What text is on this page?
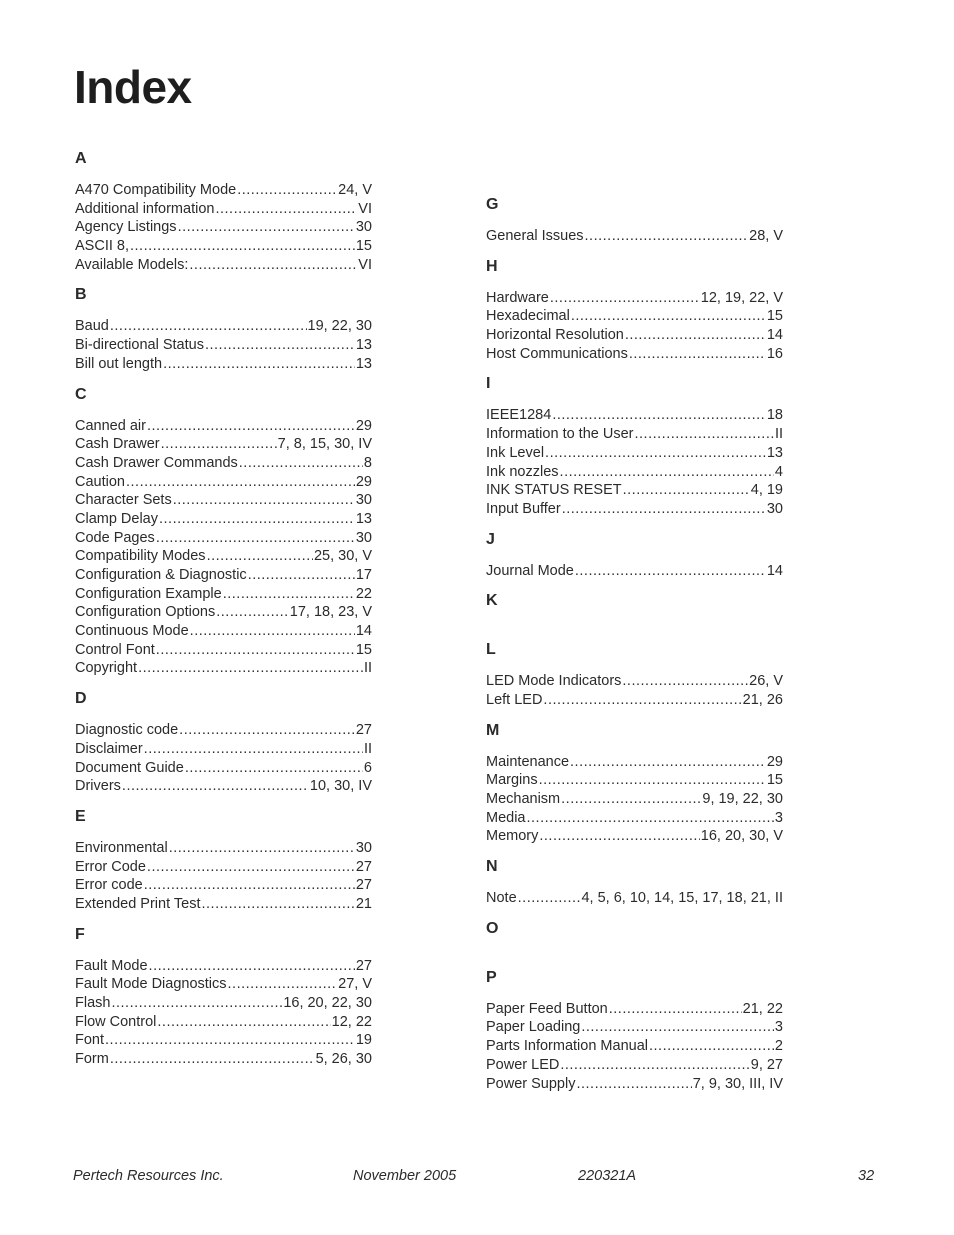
Index
A
A470 Compatibility Mode .....	24, V
Additional information .....	VI
Agency Listings .....	30
ASCII 8, .....	15
Available Models: .....	VI
B
Baud .....	19, 22, 30
Bi-directional Status .....	13
Bill out length .....	13
C
Canned air .....	29
Cash Drawer .....	7, 8, 15, 30, IV
Cash Drawer Commands .....	8
Caution .....	29
Character Sets .....	30
Clamp Delay .....	13
Code Pages .....	30
Compatibility Modes .....	25, 30, V
Configuration & Diagnostic .....	17
Configuration Example .....	22
Configuration Options .....	17, 18, 23, V
Continuous Mode .....	14
Control Font .....	15
Copyright .....	II
D
Diagnostic code .....	27
Disclaimer .....	II
Document Guide .....	6
Drivers .....	10, 30, IV
E
Environmental .....	30
Error Code .....	27
Error code .....	27
Extended Print Test .....	21
F
Fault Mode .....	27
Fault Mode Diagnostics .....	27, V
Flash .....	16, 20, 22, 30
Flow Control .....	12, 22
Font .....	19
Form .....	5, 26, 30
G
General Issues .....	28, V
H
Hardware .....	12, 19, 22, V
Hexadecimal .....	15
Horizontal Resolution .....	14
Host Communications .....	16
I
IEEE1284 .....	18
Information to the User .....	II
Ink Level .....	13
Ink nozzles .....	4
INK STATUS RESET .....	4, 19
Input Buffer .....	30
J
Journal Mode .....	14
K
L
LED Mode Indicators .....	26, V
Left LED .....	21, 26
M
Maintenance .....	29
Margins .....	15
Mechanism .....	9, 19, 22, 30
Media .....	3
Memory .....	16, 20, 30, V
N
Note .....	4, 5, 6, 10, 14, 15, 17, 18, 21, II
O
P
Paper Feed Button .....	21, 22
Paper Loading .....	3
Parts Information Manual .....	2
Power LED .....	9, 27
Power Supply .....	7, 9, 30, III, IV
Pertech Resources Inc.	November 2005	220321A	32
